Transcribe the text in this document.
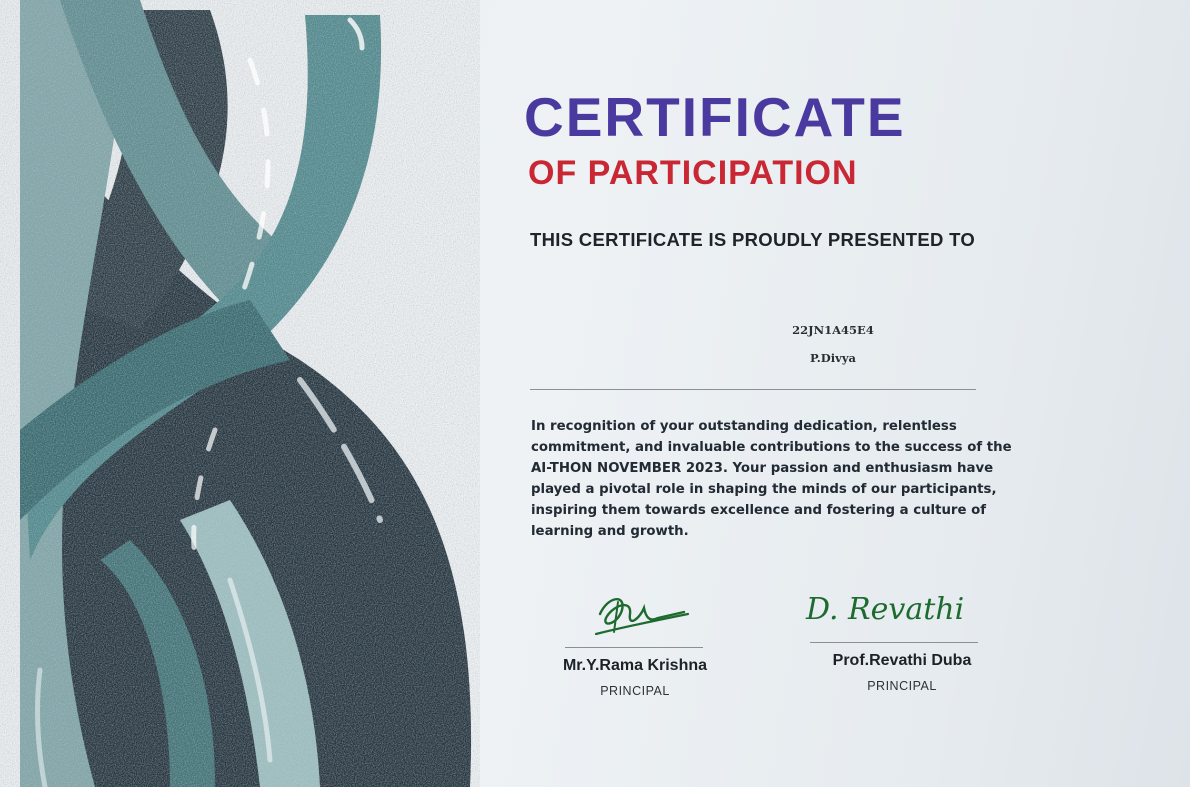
CERTIFICATE
OF PARTICIPATION
THIS CERTIFICATE IS PROUDLY PRESENTED TO
22JN1A45E4
P.Divya

In recognition of your outstanding dedication, relentless commitment, and invaluable contributions to the success of the AI-THON NOVEMBER 2023. Your passion and enthusiasm have played a pivotal role in shaping the minds of our participants, inspiring them towards excellence and fostering a culture of learning and growth.

Mr.Y.Rama Krishna
PRINCIPAL
D. Revathi
Prof.Revathi Duba
PRINCIPAL
